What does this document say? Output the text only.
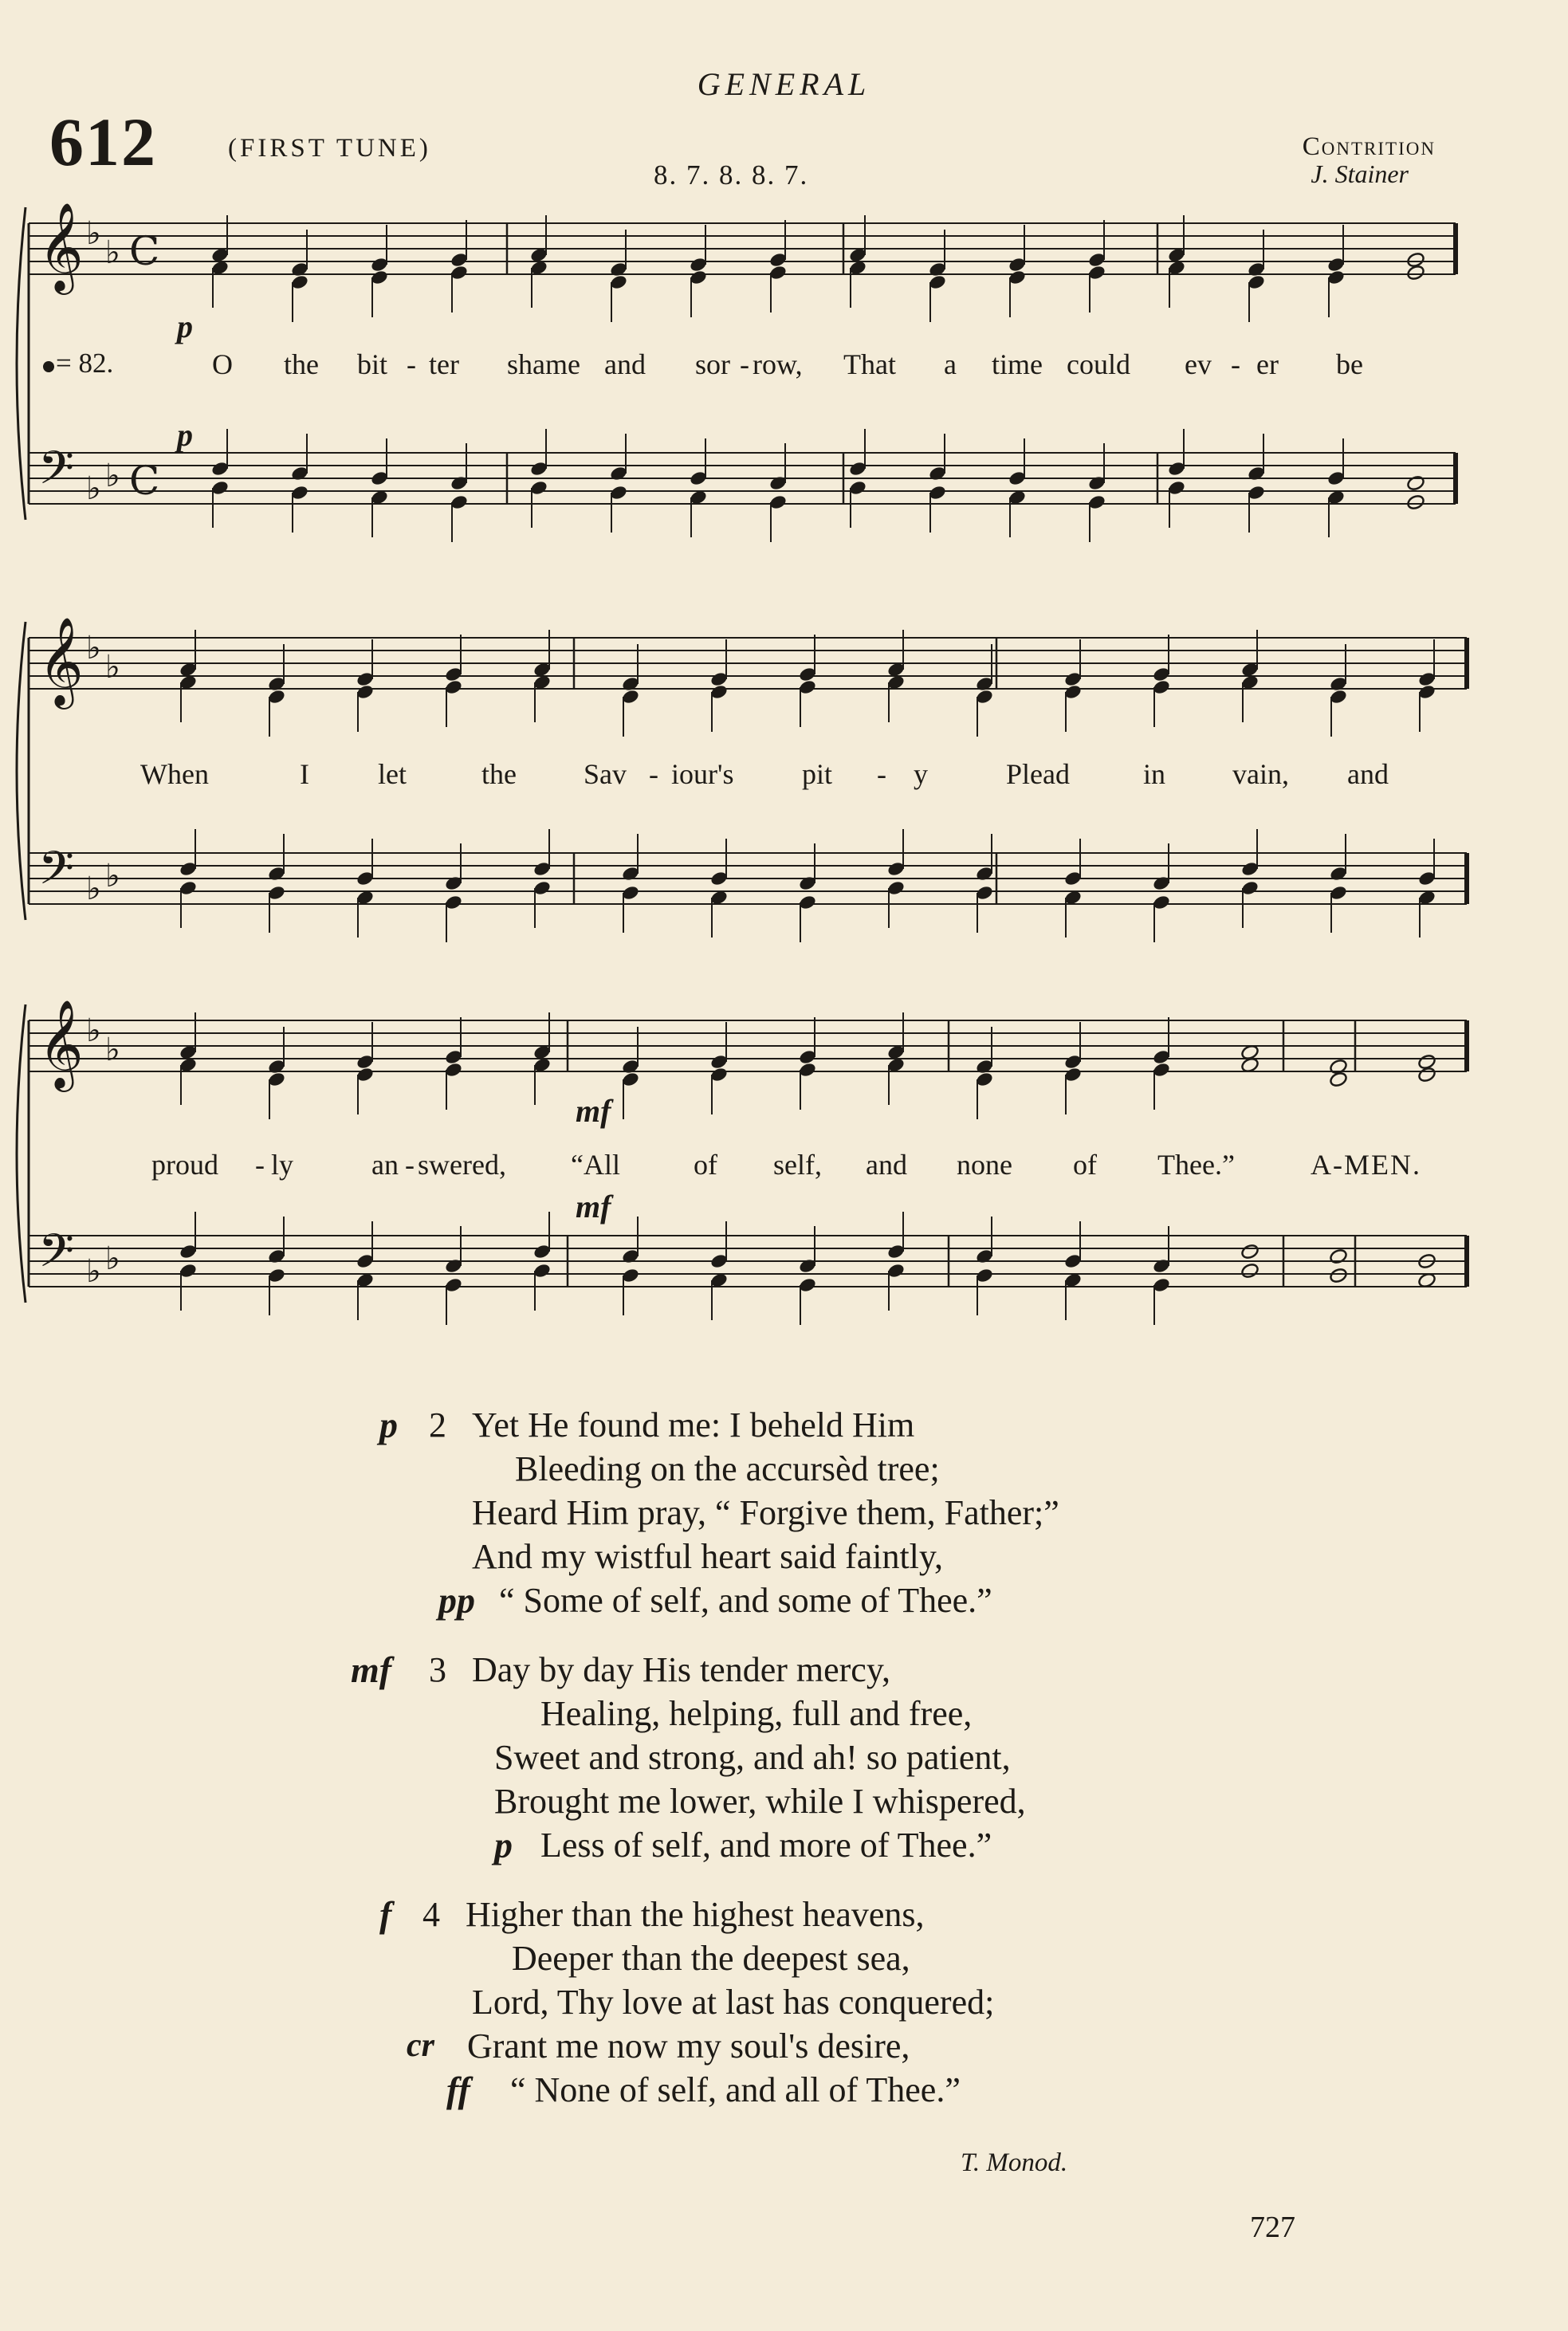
GENERAL
612	(FIRST TUNE)
8. 7. 8. 8. 7.
Contrition
J. Stainer
𝄞
𝄢
♭
♭
♭ ♭
C
C
𝄞
𝄢
♭
♭
♭ ♭
𝄞
𝄢
♭
♭
♭ ♭
= 82.
p
p
mf
mf
O the bit - ter shame and sor - row, That a time could ev - er be
When	I let	the Sav - iour's pit - y	Plead	in vain, and
proud - ly	an - swered, “All	of self, and none of Thee.”	A-MEN.
p 2 Yet He found me: I beheld Him
Bleeding on the accursèd tree;
Heard Him pray, “ Forgive them, Father;”
And my wistful heart said faintly,
pp “ Some of self, and some of Thee.”
mf 3 Day by day His tender mercy,
Healing, helping, full and free,
Sweet and strong, and ah! so patient,
Brought me lower, while I whispered,
p Less of self, and more of Thee.”
f 4 Higher than the highest heavens,
Deeper than the deepest sea,
Lord, Thy love at last has conquered;
cr Grant me now my soul's desire,
ff “ None of self, and all of Thee.”
T. Monod.
727
